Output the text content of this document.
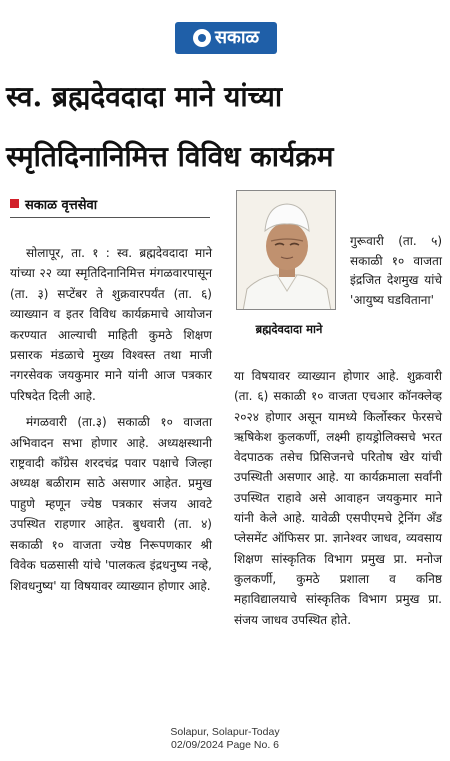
सकाळ
स्व. ब्रह्मदेवदादा माने यांच्या
स्मृतिदिनानिमित्त विविध कार्यक्रम
सकाळ वृत्तसेवा
ब्रह्मदेवदादा माने

सोलापूर, ता. १ : स्व. ब्रह्मदेवदादा माने यांच्या २२ व्या स्मृतिदिनानिमित्त मंगळवारपासून (ता. ३) सप्टेंबर ते शुक्रवारपर्यंत (ता. ६) व्याख्यान व इतर विविध कार्यक्रमाचे आयोजन करण्यात आल्याची माहिती कुमठे शिक्षण प्रसारक मंडळाचे मुख्य विश्वस्त तथा माजी नगरसेवक जयकुमार माने यांनी आज पत्रकार परिषदेत दिली आहे.

मंगळवारी (ता.३) सकाळी १० वाजता अभिवादन सभा होणार आहे. अध्यक्षस्थानी राष्ट्रवादी काँग्रेस शरदचंद्र पवार पक्षाचे जिल्हा अध्यक्ष बळीराम साठे असणार आहेत. प्रमुख पाहुणे म्हणून ज्येष्ठ पत्रकार संजय आवटे उपस्थित राहणार आहेत. बुधवारी (ता. ४) सकाळी १० वाजता ज्येष्ठ निरूपणकार श्री विवेक घळसासी यांचे 'पालकत्व इंद्रधनुष्य नव्हे, शिवधनुष्य' या विषयावर व्याख्यान होणार आहे.

गुरूवारी (ता. ५) सकाळी १० वाजता इंद्रजित देशमुख यांचे 'आयुष्य घडविताना'

या विषयावर व्याख्यान होणार आहे. शुक्रवारी (ता. ६) सकाळी १० वाजता एचआर कॉनक्लेव्ह २०२४ होणार असून यामध्ये किर्लोस्कर फेरसचे ऋषिकेश कुलकर्णी, लक्ष्मी हायड्रोलिक्सचे भरत वेदपाठक तसेच प्रिसिजनचे परितोष खेर यांची उपस्थिती असणार आहे. या कार्यक्रमाला सर्वांनी उपस्थित राहावे असे आवाहन जयकुमार माने यांनी केले आहे. यावेळी एसपीएमचे ट्रेनिंग अँड प्लेसमेंट ऑफिसर प्रा. ज्ञानेश्वर जाधव, व्यवसाय शिक्षण सांस्कृतिक विभाग प्रमुख प्रा. मनोज कुलकर्णी, कुमठे प्रशाला व कनिष्ठ महाविद्यालयाचे सांस्कृतिक विभाग प्रमुख प्रा. संजय जाधव उपस्थित होते.

Solapur, Solapur-Today
02/09/2024 Page No. 6
